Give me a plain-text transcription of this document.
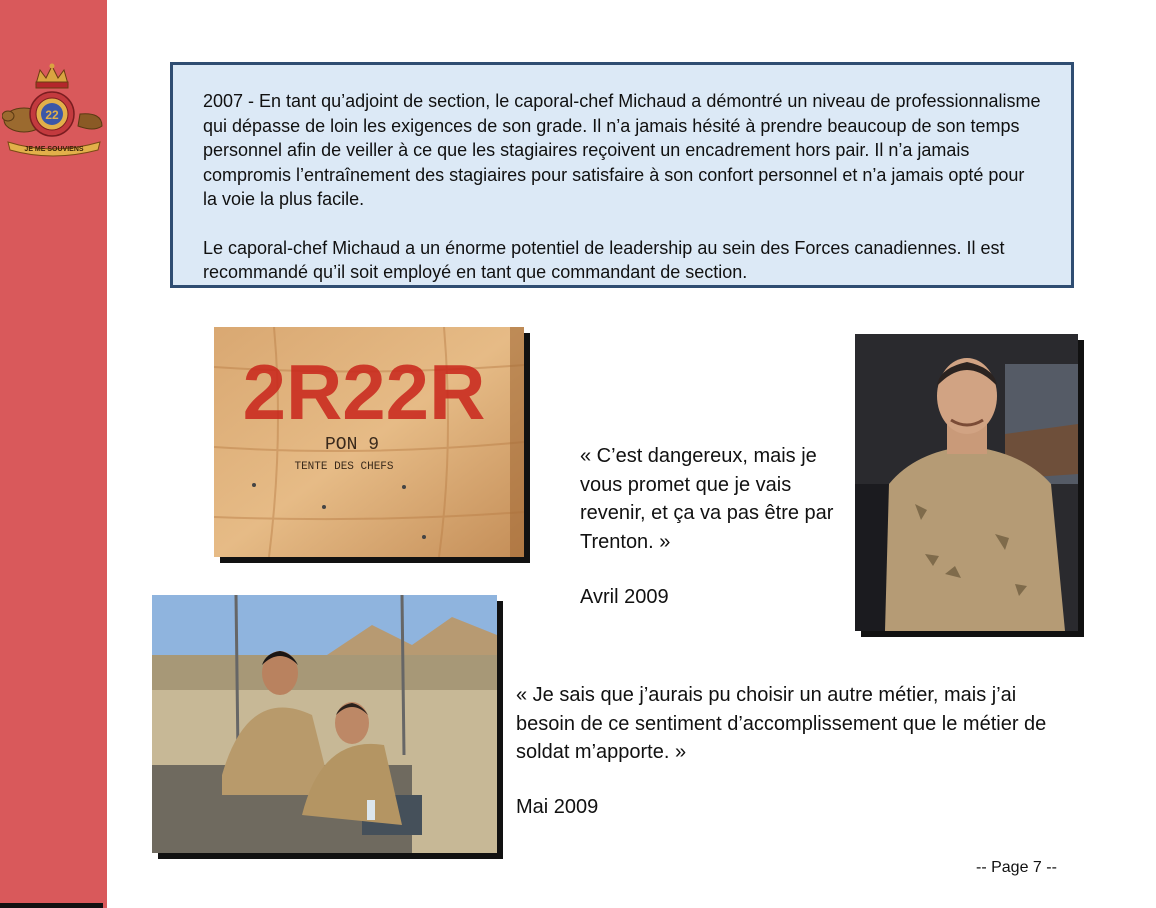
22
JE ME SOUVIENS

2007 - En tant qu’adjoint de section, le caporal-chef Michaud a démontré un niveau de professionnalisme qui dépasse de loin les exigences de son grade. Il n’a jamais hésité à prendre beaucoup de son temps personnel afin de veiller à ce que les stagiaires reçoivent un encadrement hors pair. Il n’a jamais compromis l’entraînement des stagiaires pour satisfaire à son confort personnel et n’a jamais opté pour la voie la plus facile.

Le caporal-chef Michaud a un énorme potentiel de leadership au sein des Forces canadiennes. Il est recommandé qu’il soit employé en tant que commandant de section.

2R22R
PON 9
TENTE DES CHEFS	« C’est dangereux, mais je vous promet que je vais revenir, et ça va pas être par Trenton. »
Avril 2009
« Je sais que j’aurais pu choisir un autre métier, mais j’ai besoin de ce sentiment d’accomplissement que le métier de soldat m’apporte. »
Mai 2009
-- Page 7 --
